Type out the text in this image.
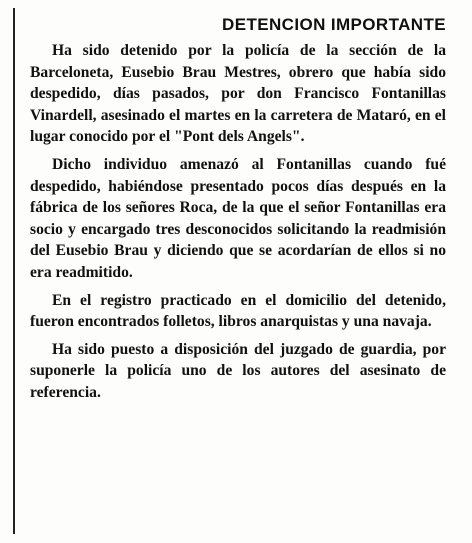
DETENCION IMPORTANTE

Ha sido detenido por la policía de la sección de la Barceloneta, Eusebio Brau Mestres, obrero que había sido despedido, días pasados, por don Francisco Fontanillas Vinardell, asesinado el martes en la carretera de Mataró, en el lugar conocido por el "Pont dels Angels".

Dicho individuo amenazó al Fontanillas cuando fué despedido, habiéndose presentado pocos días después en la fábrica de los señores Roca, de la que el señor Fontanillas era socio y encargado tres desconocidos solicitando la readmisión del Eusebio Brau y diciendo que se acordarían de ellos si no era readmitido.

En el registro practicado en el domicilio del detenido, fueron encontrados folletos, libros anarquistas y una navaja.

Ha sido puesto a disposición del juzgado de guardia, por suponerle la policía uno de los autores del asesinato de referencia.
